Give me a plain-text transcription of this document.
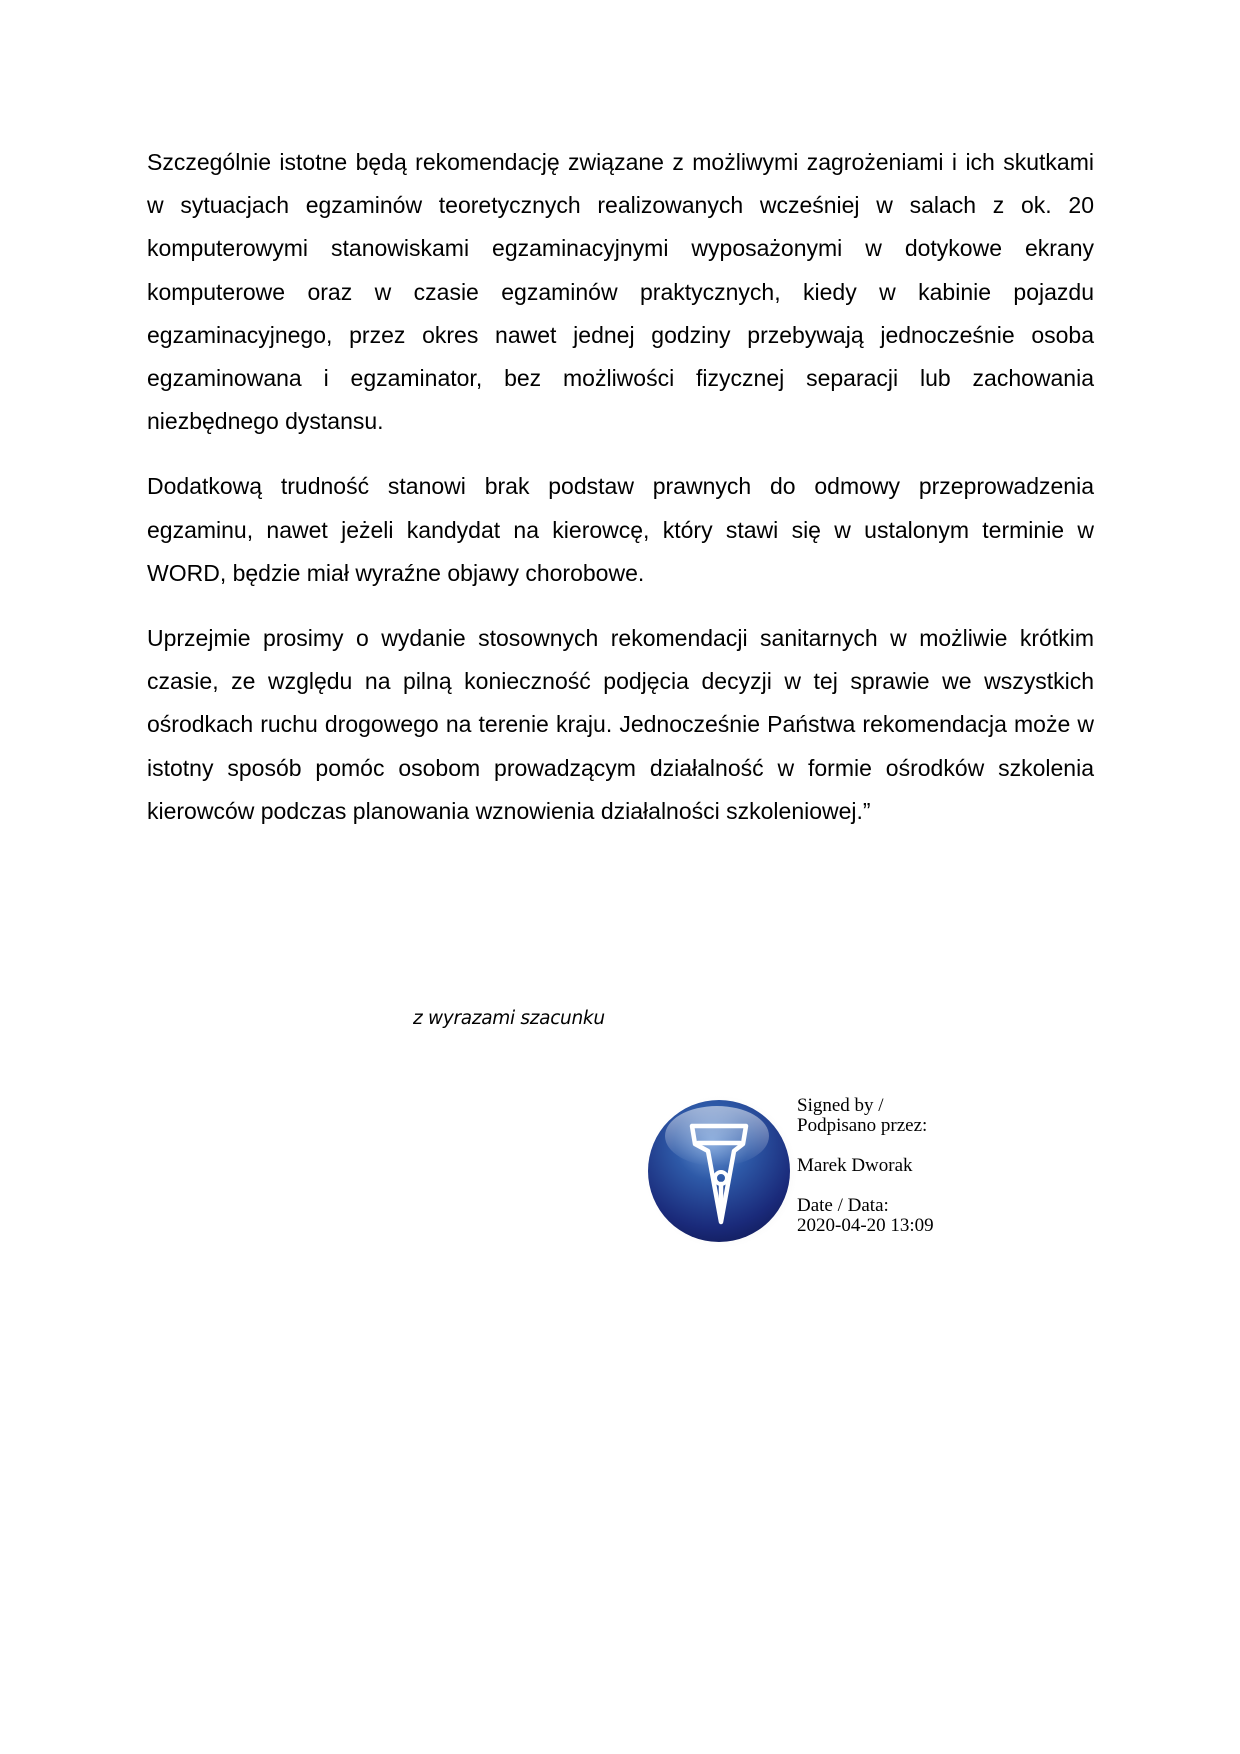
Szczególnie istotne będą rekomendację związane z możliwymi zagrożeniami i ich skutkami w sytuacjach egzaminów teoretycznych realizowanych wcześniej w salach z ok. 20 komputerowymi stanowiskami egzaminacyjnymi wyposażonymi w dotykowe ekrany komputerowe oraz w czasie egzaminów praktycznych, kiedy w kabinie pojazdu egzaminacyjnego, przez okres nawet jednej godziny przebywają jednocześnie osoba egzaminowana i egzaminator, bez możliwości fizycznej separacji lub zachowania niezbędnego dystansu.

Dodatkową trudność stanowi brak podstaw prawnych do odmowy przeprowadzenia egzaminu, nawet jeżeli kandydat na kierowcę, który stawi się w ustalonym terminie w WORD, będzie miał wyraźne objawy chorobowe.

Uprzejmie prosimy o wydanie stosownych rekomendacji sanitarnych w możliwie krótkim czasie, ze względu na pilną konieczność podjęcia decyzji w tej sprawie we wszystkich ośrodkach ruchu drogowego na terenie kraju. Jednocześnie Państwa rekomendacja może w istotny sposób pomóc osobom prowadzącym działalność w formie ośrodków szkolenia kierowców podczas planowania wznowienia działalności szkoleniowej.”

z wyrazami szacunku
Signed by /
Podpisano przez:
Marek Dworak
Date / Data:
2020-04-20 13:09
